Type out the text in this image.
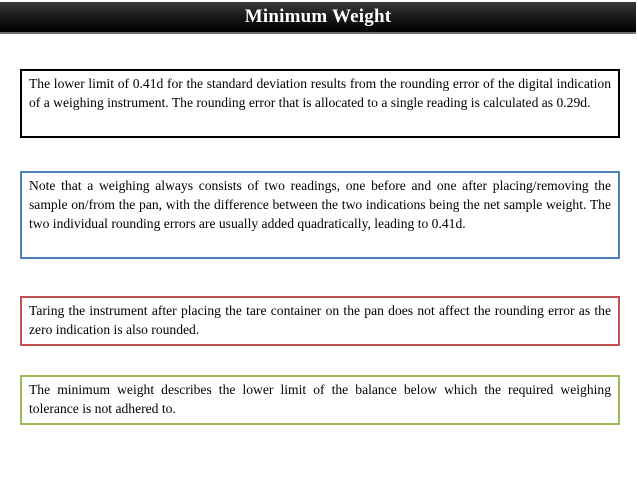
Minimum Weight

The lower limit of 0.41d for the standard deviation results from the rounding error of the digital indication of a weighing instrument. The rounding error that is allocated to a single reading is calculated as 0.29d.

Note that a weighing always consists of two readings, one before and one after placing/removing the sample on/from the pan, with the difference between the two indications being the net sample weight. The two individual rounding errors are usually added quadratically, leading to 0.41d.

Taring the instrument after placing the tare container on the pan does not affect the rounding error as the zero indication is also rounded.

The minimum weight describes the lower limit of the balance below which the required weighing tolerance is not adhered to.
